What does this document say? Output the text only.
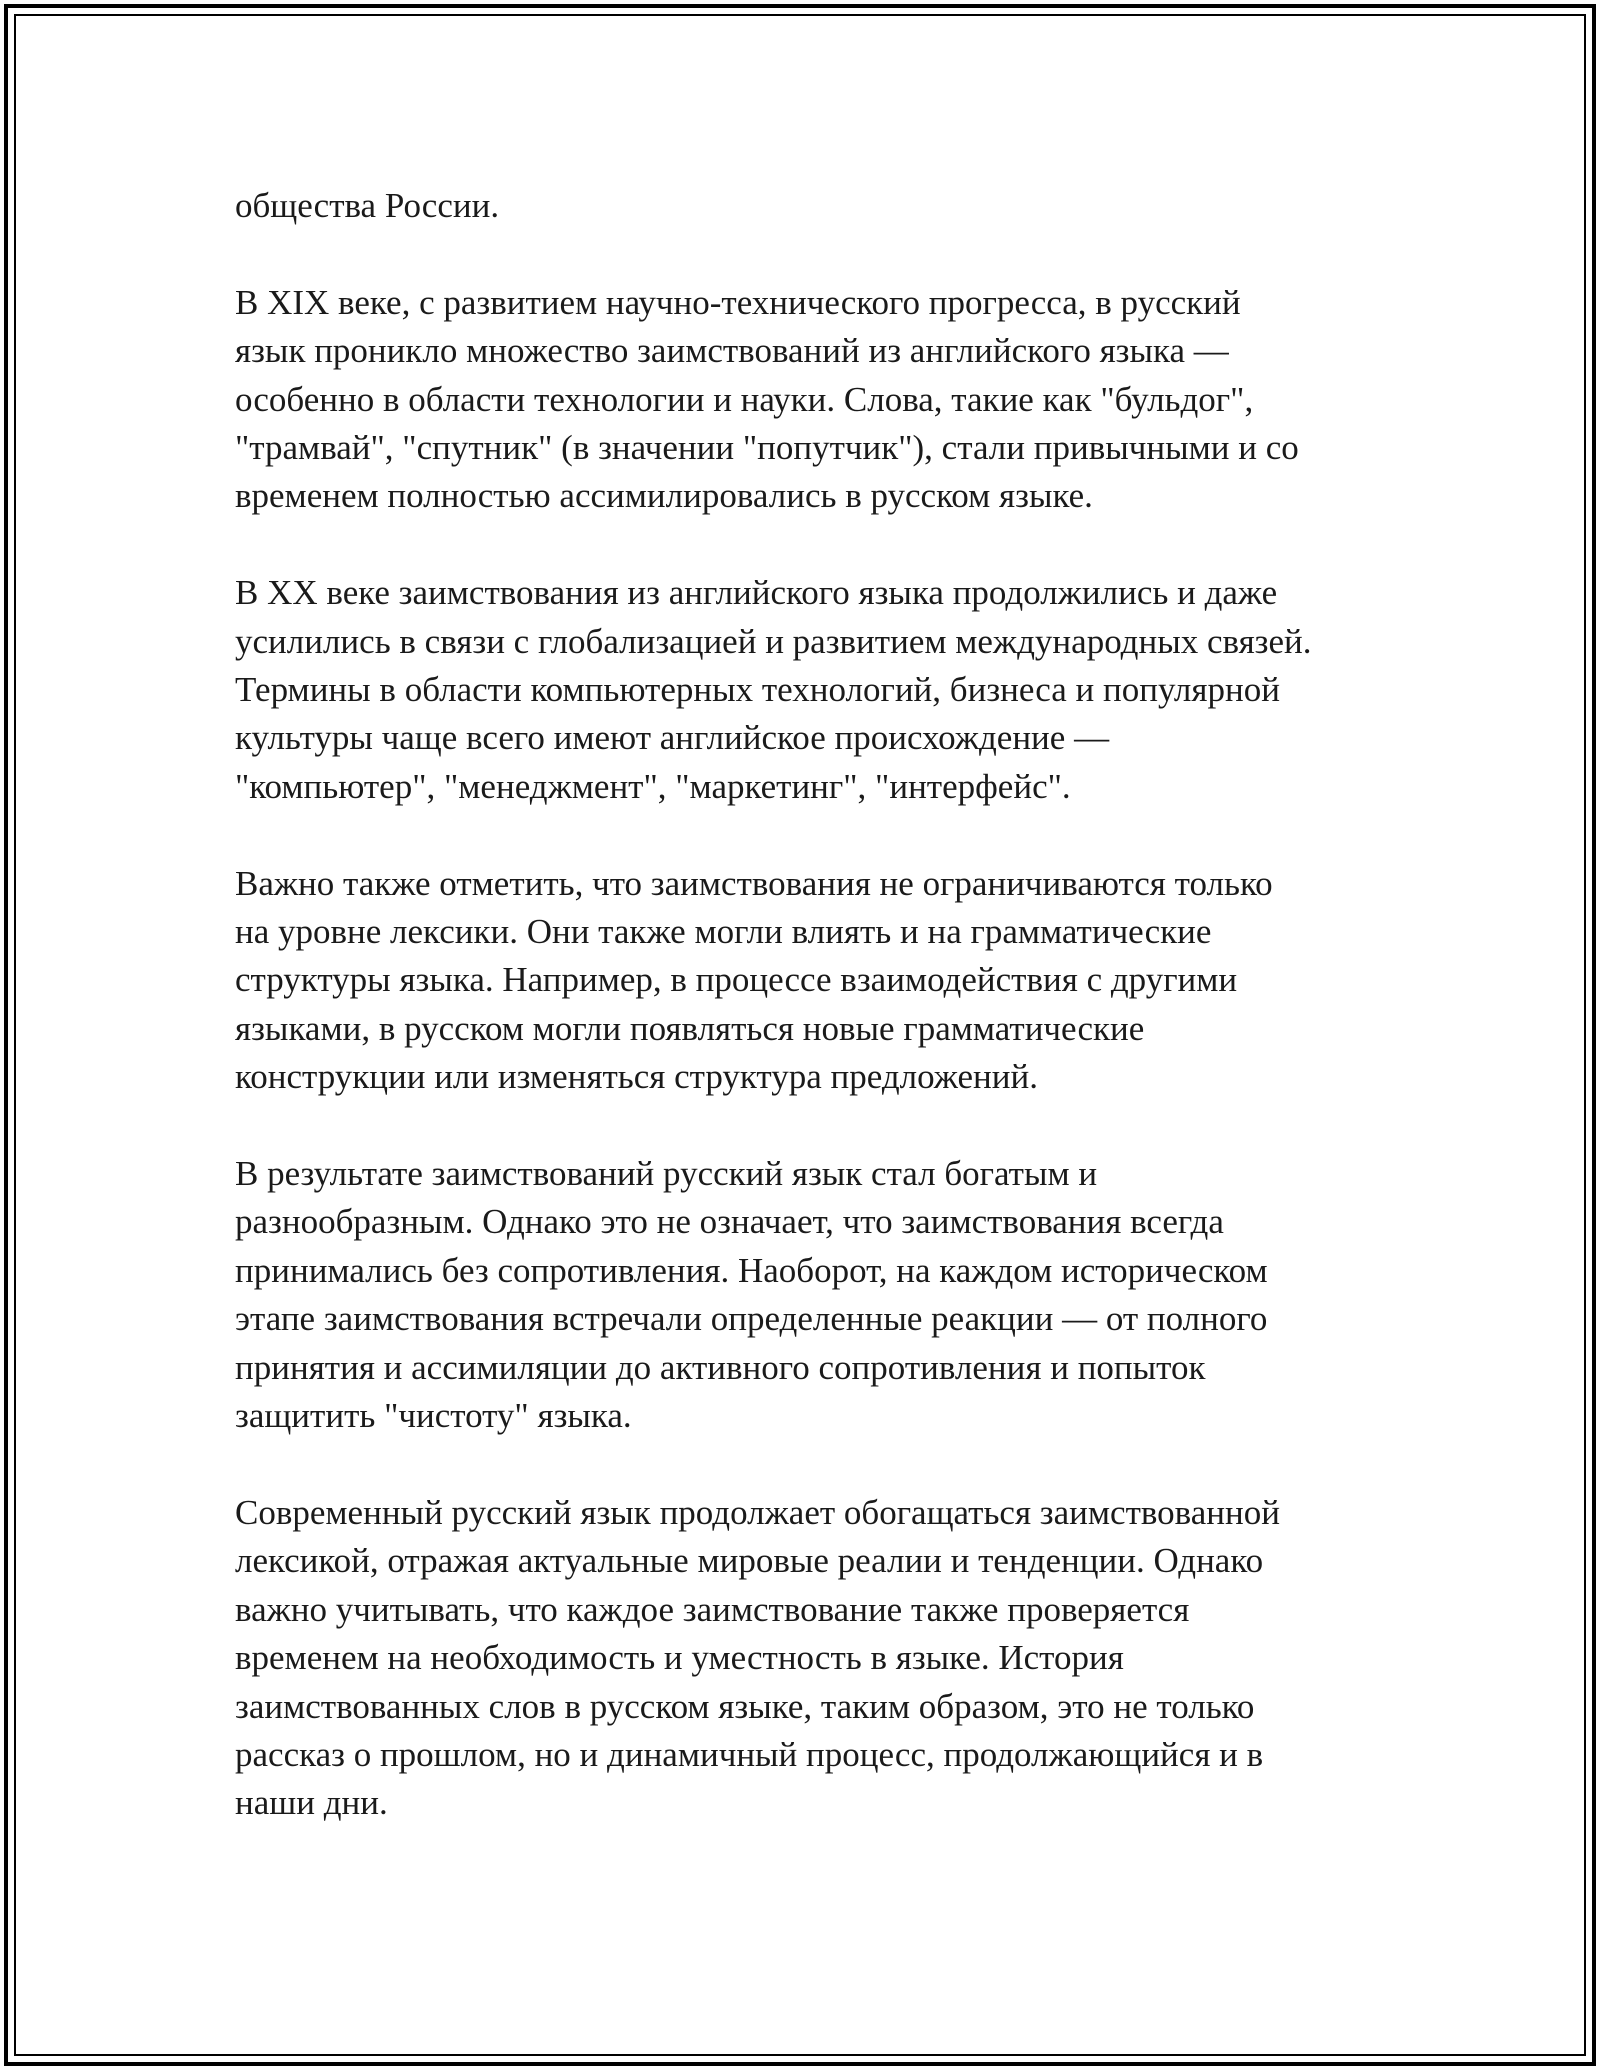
общества России.

В XIX веке, с развитием научно-технического прогресса, в русский
язык проникло множество заимствований из английского языка —
особенно в области технологии и науки. Слова, такие как "бульдог",
"трамвай", "спутник" (в значении "попутчик"), стали привычными и со
временем полностью ассимилировались в русском языке.

В XX веке заимствования из английского языка продолжились и даже
усилились в связи с глобализацией и развитием международных связей.
Термины в области компьютерных технологий, бизнеса и популярной
культуры чаще всего имеют английское происхождение —
"компьютер", "менеджмент", "маркетинг", "интерфейс".

Важно также отметить, что заимствования не ограничиваются только
на уровне лексики. Они также могли влиять и на грамматические
структуры языка. Например, в процессе взаимодействия с другими
языками, в русском могли появляться новые грамматические
конструкции или изменяться структура предложений.

В результате заимствований русский язык стал богатым и
разнообразным. Однако это не означает, что заимствования всегда
принимались без сопротивления. Наоборот, на каждом историческом
этапе заимствования встречали определенные реакции — от полного
принятия и ассимиляции до активного сопротивления и попыток
защитить "чистоту" языка.

Современный русский язык продолжает обогащаться заимствованной
лексикой, отражая актуальные мировые реалии и тенденции. Однако
важно учитывать, что каждое заимствование также проверяется
временем на необходимость и уместность в языке. История
заимствованных слов в русском языке, таким образом, это не только
рассказ о прошлом, но и динамичный процесс, продолжающийся и в
наши дни.
